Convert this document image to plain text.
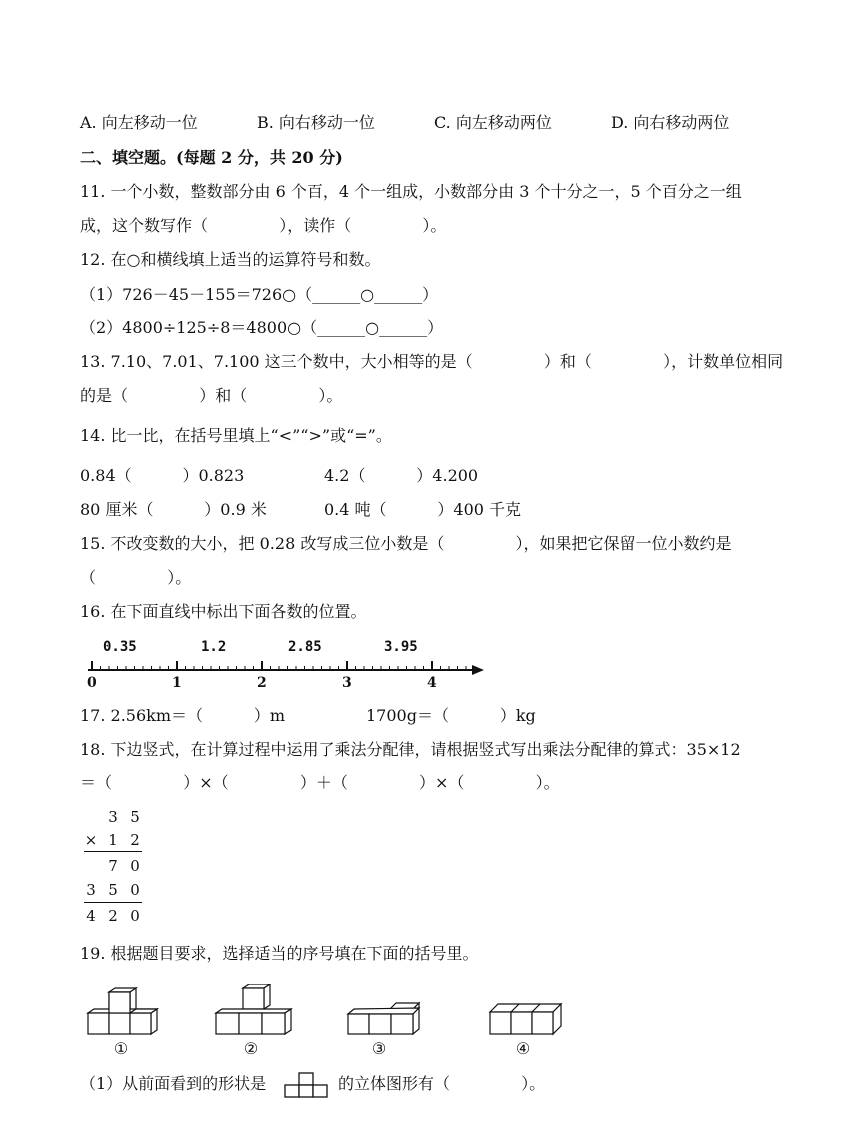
A. 向左移动一位	B. 向右移动一位	C. 向左移动两位	D. 向右移动两位
二、填空题。(每题 2 分，共 20 分)
11. 一个小数，整数部分由 6 个百，4 个一组成，小数部分由 3 个十分之一，5 个百分之一组
成，这个数写作（              ），读作（              ）。
12. 在○和横线填上适当的运算符号和数。
（1）726－45－155＝726○（______○______）
（2）4800÷125÷8＝4800○（______○______）
13. 7.10、7.01、7.100 这三个数中，大小相等的是（              ）和（              ），计数单位相同
的是（              ）和（              ）。
14. 比一比，在括号里填上“<”“>”或“=”。
0.84（          ）0.823	4.2（          ）4.200
80 厘米（          ）0.9 米	0.4 吨（          ）400 千克
15. 不改变数的大小，把 0.28 改写成三位小数是（              ），如果把它保留一位小数约是
（              ）。
16. 在下面直线中标出下面各数的位置。
0.35	1.2	2.85	3.95
0	1	2	3	4
17. 2.56km＝（          ）m	1700g＝（          ）kg
18. 下边竖式，在计算过程中运用了乘法分配律，请根据竖式写出乘法分配律的算式：35×12
＝（              ）×（              ）＋（              ）×（              ）。
3 5
× 1 2
7 0
3 5 0
4 2 0
19. 根据题目要求，选择适当的序号填在下面的括号里。
①	②	③	④
（1）从前面看到的形状是	的立体图形有（              ）。
